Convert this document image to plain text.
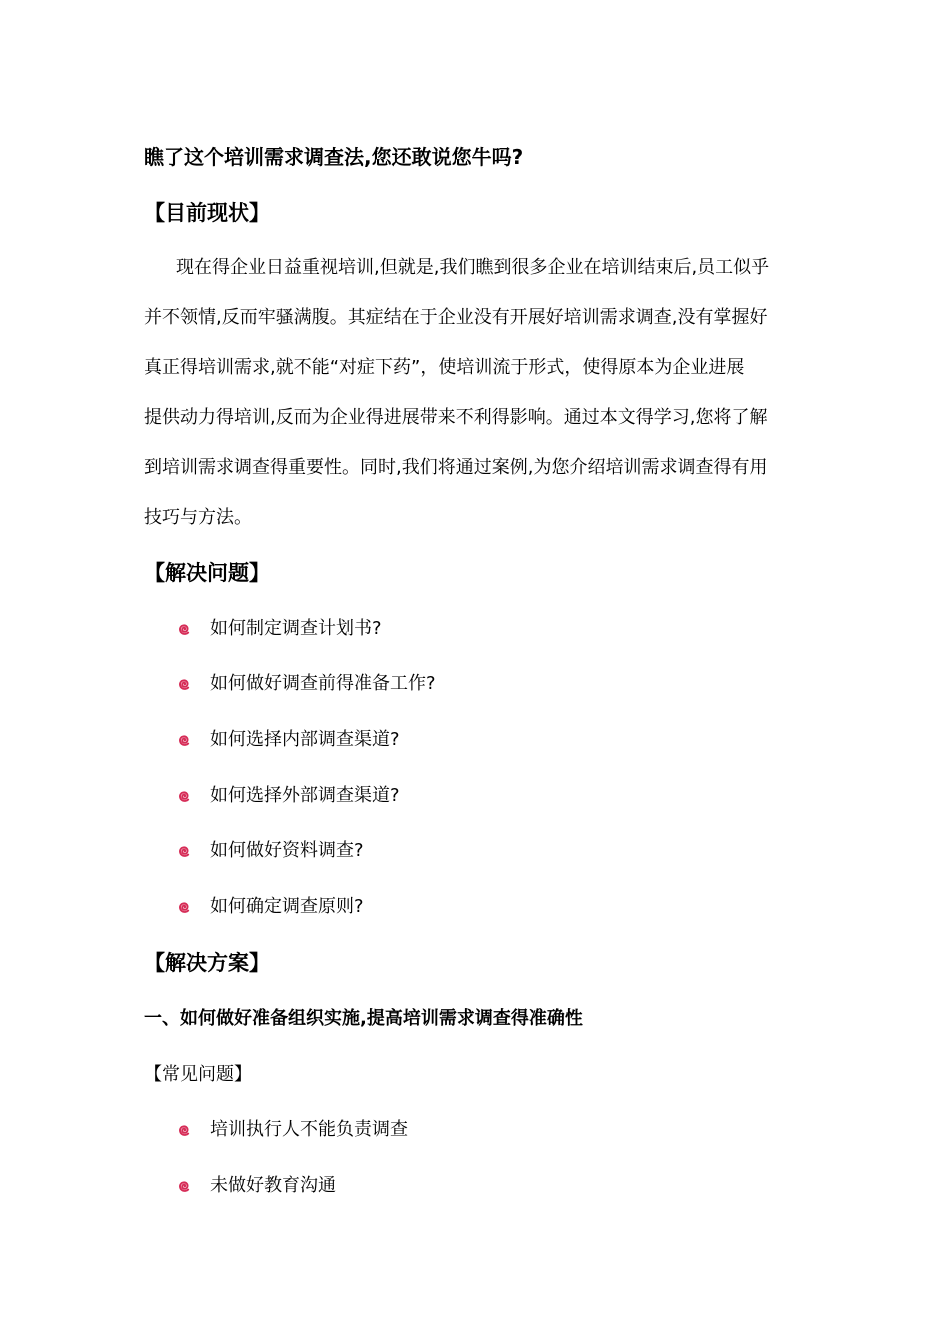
瞧了这个培训需求调查法,您还敢说您牛吗?
【目前现状】
现在得企业日益重视培训,但就是,我们瞧到很多企业在培训结束后,员工似乎
并不领情,反而牢骚满腹。其症结在于企业没有开展好培训需求调查,没有掌握好
真正得培训需求,就不能“对症下药”，使培训流于形式，使得原本为企业进展
提供动力得培训,反而为企业得进展带来不利得影响。通过本文得学习,您将了解
到培训需求调查得重要性。同时,我们将通过案例,为您介绍培训需求调查得有用
技巧与方法。
【解决问题】
如何制定调查计划书?
如何做好调查前得准备工作?
如何选择内部调查渠道?
如何选择外部调查渠道?
如何做好资料调查?
如何确定调查原则?
【解决方案】
一、如何做好准备组织实施,提高培训需求调查得准确性
【常见问题】
培训执行人不能负责调查
未做好教育沟通
